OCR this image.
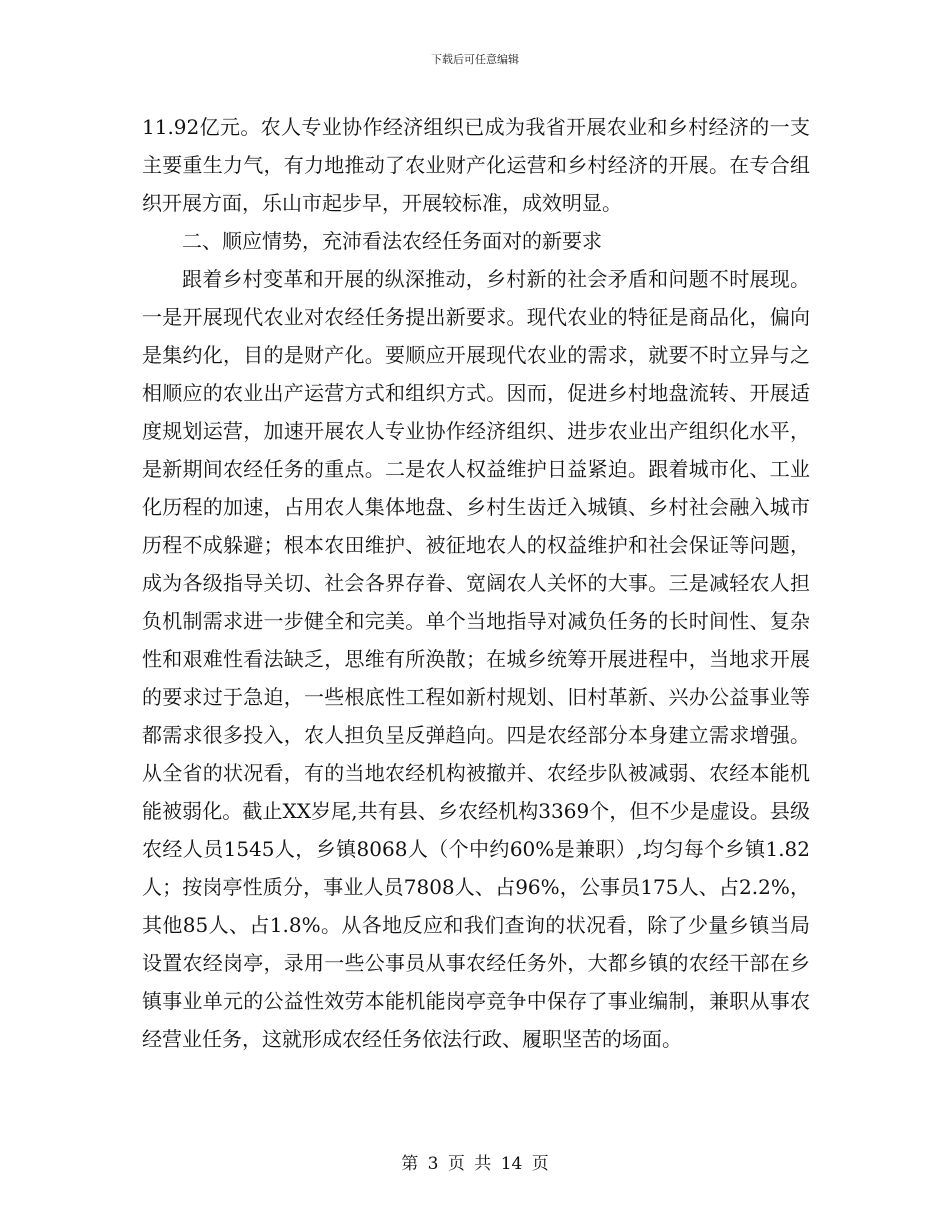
下载后可任意编辑

11.92亿元。农人专业协作经济组织已成为我省开展农业和乡村经济的一支主要重生力气，有力地推动了农业财产化运营和乡村经济的开展。在专合组织开展方面，乐山市起步早，开展较标准，成效明显。

二、顺应情势，充沛看法农经任务面对的新要求

跟着乡村变革和开展的纵深推动，乡村新的社会矛盾和问题不时展现。一是开展现代农业对农经任务提出新要求。现代农业的特征是商品化，偏向是集约化，目的是财产化。要顺应开展现代农业的需求，就要不时立异与之相顺应的农业出产运营方式和组织方式。因而，促进乡村地盘流转、开展适度规划运营，加速开展农人专业协作经济组织、进步农业出产组织化水平，是新期间农经任务的重点。二是农人权益维护日益紧迫。跟着城市化、工业化历程的加速，占用农人集体地盘、乡村生齿迁入城镇、乡村社会融入城市历程不成躲避；根本农田维护、被征地农人的权益维护和社会保证等问题，成为各级指导关切、社会各界存眷、宽阔农人关怀的大事。三是减轻农人担负机制需求进一步健全和完美。单个当地指导对减负任务的长时间性、复杂性和艰难性看法缺乏，思维有所涣散；在城乡统筹开展进程中，当地求开展的要求过于急迫，一些根底性工程如新村规划、旧村革新、兴办公益事业等都需求很多投入，农人担负呈反弹趋向。四是农经部分本身建立需求增强。从全省的状况看，有的当地农经机构被撤并、农经步队被减弱、农经本能机能被弱化。截止XX岁尾,共有县、乡农经机构3369个，但不少是虚设。县级农经人员1545人，乡镇8068人（个中约60%是兼职）,均匀每个乡镇1.82人；按岗亭性质分，事业人员7808人、占96%，公事员175人、占2.2%，其他85人、占1.8%。从各地反应和我们查询的状况看，除了少量乡镇当局设置农经岗亭，录用一些公事员从事农经任务外，大都乡镇的农经干部在乡镇事业单元的公益性效劳本能机能岗亭竞争中保存了事业编制，兼职从事农经营业任务，这就形成农经任务依法行政、履职坚苦的场面。

第 3 页 共 14 页
